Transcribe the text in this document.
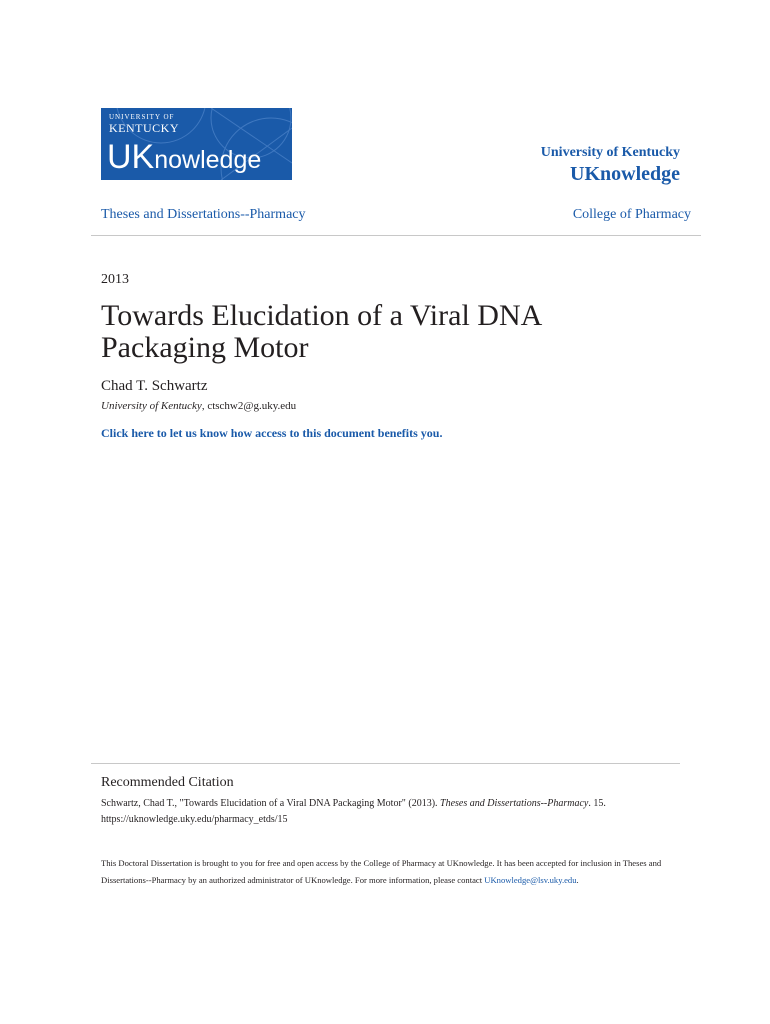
UNIVERSITY OF
KENTUCKY
UKnowledge	University of Kentucky
UKnowledge
Theses and Dissertations--Pharmacy	College of Pharmacy
2013
Towards Elucidation of a Viral DNA Packaging Motor
Chad T. Schwartz
University of Kentucky, ctschw2@g.uky.edu
Click here to let us know how access to this document benefits you.
Recommended Citation
Schwartz, Chad T., "Towards Elucidation of a Viral DNA Packaging Motor" (2013). Theses and Dissertations--Pharmacy. 15.
https://uknowledge.uky.edu/pharmacy_etds/15
This Doctoral Dissertation is brought to you for free and open access by the College of Pharmacy at UKnowledge. It has been accepted for inclusion in Theses and Dissertations--Pharmacy by an authorized administrator of UKnowledge. For more information, please contact UKnowledge@lsv.uky.edu.
